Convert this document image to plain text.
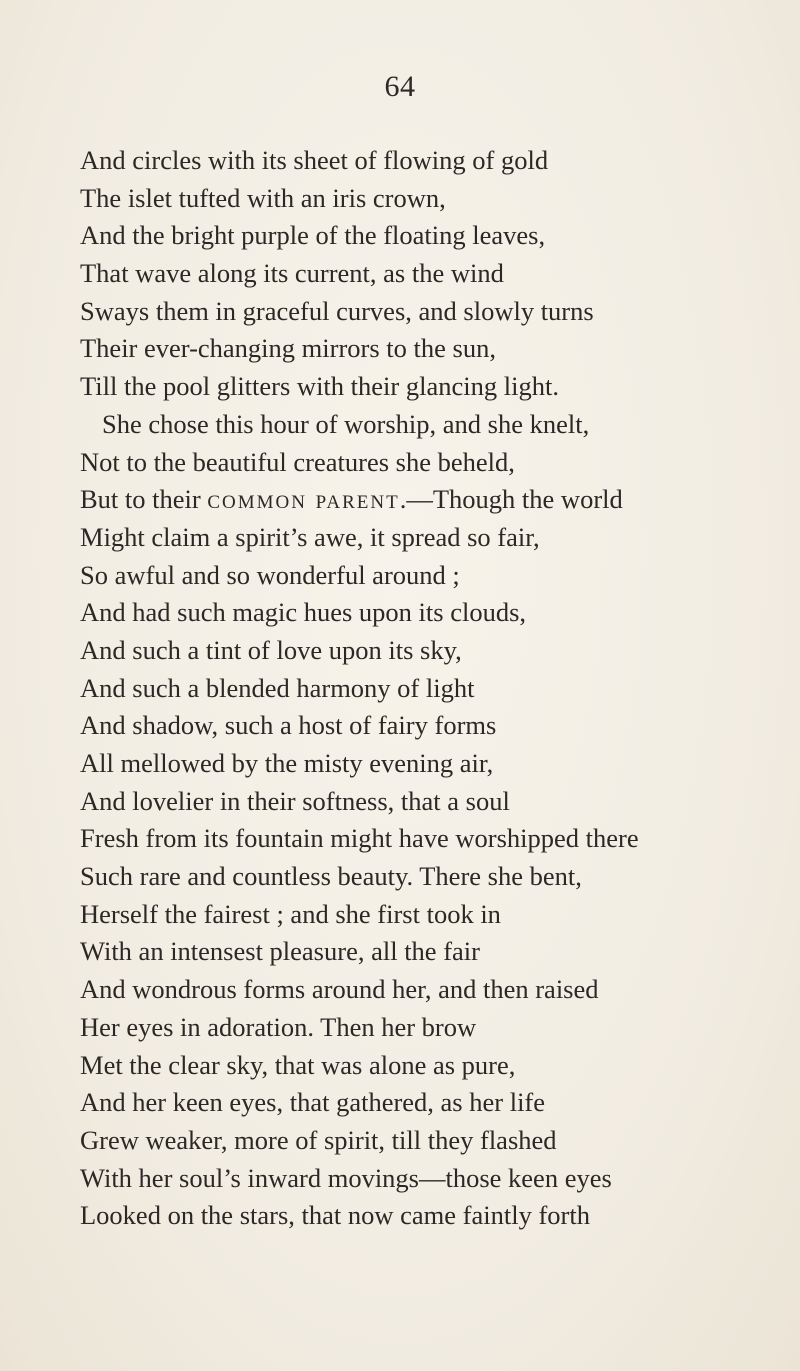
64
And circles with its sheet of flowing of gold
The islet tufted with an iris crown,
And the bright purple of the floating leaves,
That wave along its current, as the wind
Sways them in graceful curves, and slowly turns
Their ever-changing mirrors to the sun,
Till the pool glitters with their glancing light.
She chose this hour of worship, and she knelt,
Not to the beautiful creatures she beheld,
But to their common parent.—Though the world
Might claim a spirit’s awe, it spread so fair,
So awful and so wonderful around ;
And had such magic hues upon its clouds,
And such a tint of love upon its sky,
And such a blended harmony of light
And shadow, such a host of fairy forms
All mellowed by the misty evening air,
And lovelier in their softness, that a soul
Fresh from its fountain might have worshipped there
Such rare and countless beauty. There she bent,
Herself the fairest ; and she first took in
With an intensest pleasure, all the fair
And wondrous forms around her, and then raised
Her eyes in adoration. Then her brow
Met the clear sky, that was alone as pure,
And her keen eyes, that gathered, as her life
Grew weaker, more of spirit, till they flashed
With her soul’s inward movings—those keen eyes
Looked on the stars, that now came faintly forth
